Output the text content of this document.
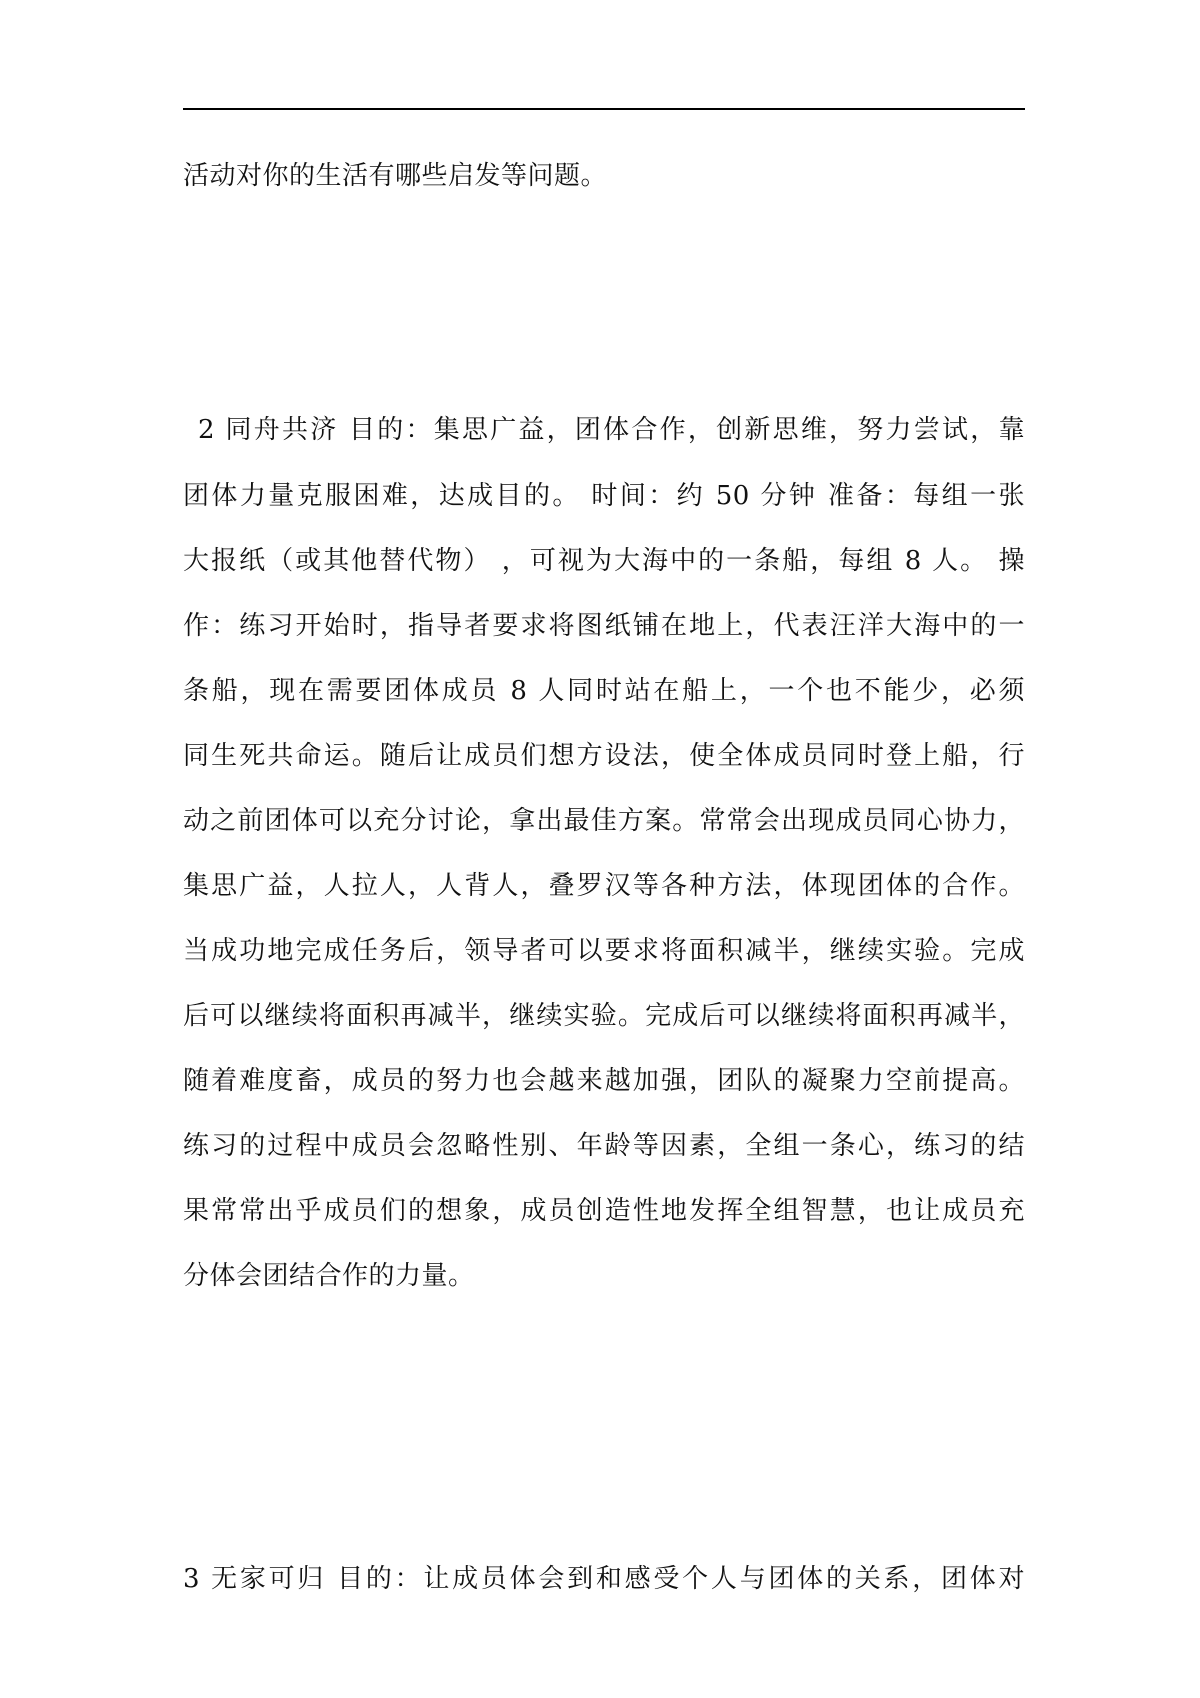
活动对你的生活有哪些启发等问题。
2 同舟共济 目的：集思广益，团体合作，创新思维，努力尝试，靠
团体力量克服困难，达成目的。 时间：约 50 分钟 准备：每组一张
大报纸（或其他替代物） ，可视为大海中的一条船，每组 8 人。 操
作：练习开始时，指导者要求将图纸铺在地上，代表汪洋大海中的一
条船，现在需要团体成员 8 人同时站在船上，一个也不能少，必须
同生死共命运。随后让成员们想方设法，使全体成员同时登上船，行
动之前团体可以充分讨论，拿出最佳方案。常常会出现成员同心协力，
集思广益，人拉人，人背人，叠罗汉等各种方法，体现团体的合作。
当成功地完成任务后，领导者可以要求将面积减半，继续实验。完成
后可以继续将面积再减半，继续实验。完成后可以继续将面积再减半，
随着难度畜，成员的努力也会越来越加强，团队的凝聚力空前提高。
练习的过程中成员会忽略性别、年龄等因素，全组一条心，练习的结
果常常出乎成员们的想象，成员创造性地发挥全组智慧，也让成员充
分体会团结合作的力量。
3 无家可归 目的：让成员体会到和感受个人与团体的关系，团体对
